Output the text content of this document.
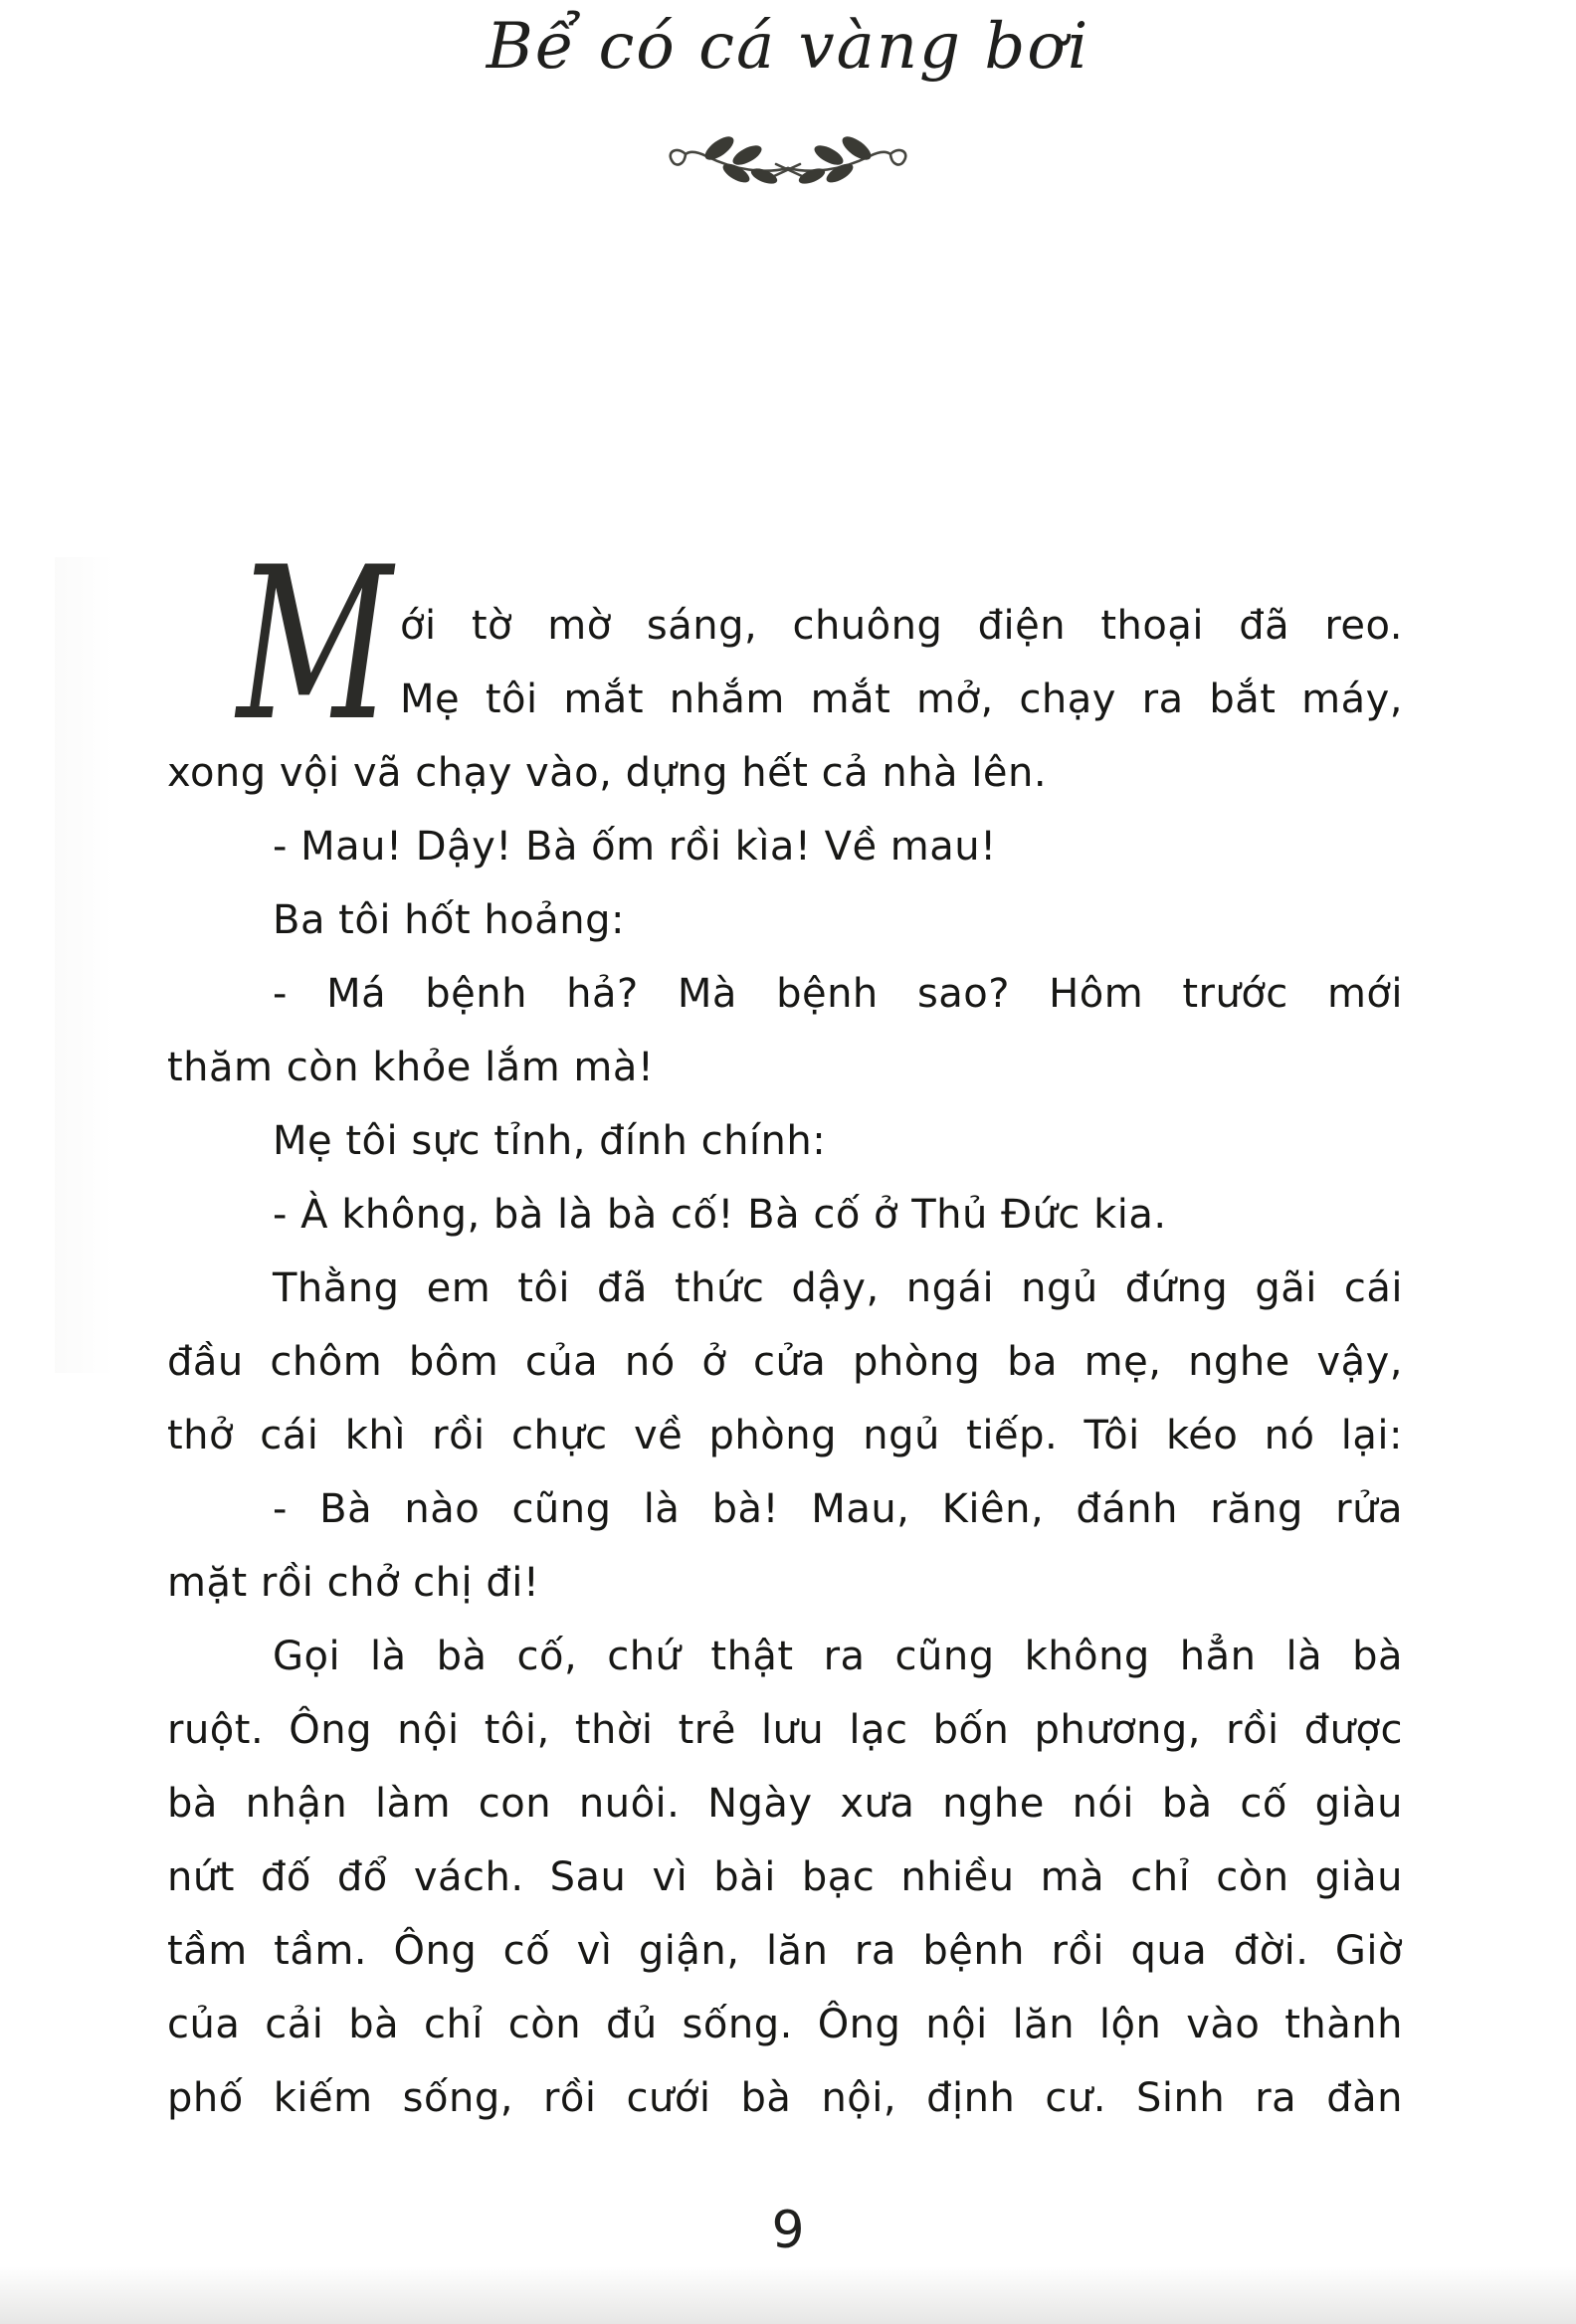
Bể có cá vàng bơi
M ới tờ mờ sáng, chuông điện thoại đã reo.
Mẹ tôi mắt nhắm mắt mở, chạy ra bắt máy,
xong vội vã chạy vào, dựng hết cả nhà lên.
- Mau! Dậy! Bà ốm rồi kìa! Về mau!
Ba tôi hốt hoảng:
- Má bệnh hả? Mà bệnh sao? Hôm trước mới
thăm còn khỏe lắm mà!
Mẹ tôi sực tỉnh, đính chính:
- À không, bà là bà cố! Bà cố ở Thủ Đức kia.
Thằng em tôi đã thức dậy, ngái ngủ đứng gãi cái
đầu chôm bôm của nó ở cửa phòng ba mẹ, nghe vậy,
thở cái khì rồi chực về phòng ngủ tiếp. Tôi kéo nó lại:
- Bà nào cũng là bà! Mau, Kiên, đánh răng rửa
mặt rồi chở chị đi!
Gọi là bà cố, chứ thật ra cũng không hẳn là bà
ruột. Ông nội tôi, thời trẻ lưu lạc bốn phương, rồi được
bà nhận làm con nuôi. Ngày xưa nghe nói bà cố giàu
nứt đố đổ vách. Sau vì bài bạc nhiều mà chỉ còn giàu
tầm tầm. Ông cố vì giận, lăn ra bệnh rồi qua đời. Giờ
của cải bà chỉ còn đủ sống. Ông nội lăn lộn vào thành
phố kiếm sống, rồi cưới bà nội, định cư. Sinh ra đàn
9
